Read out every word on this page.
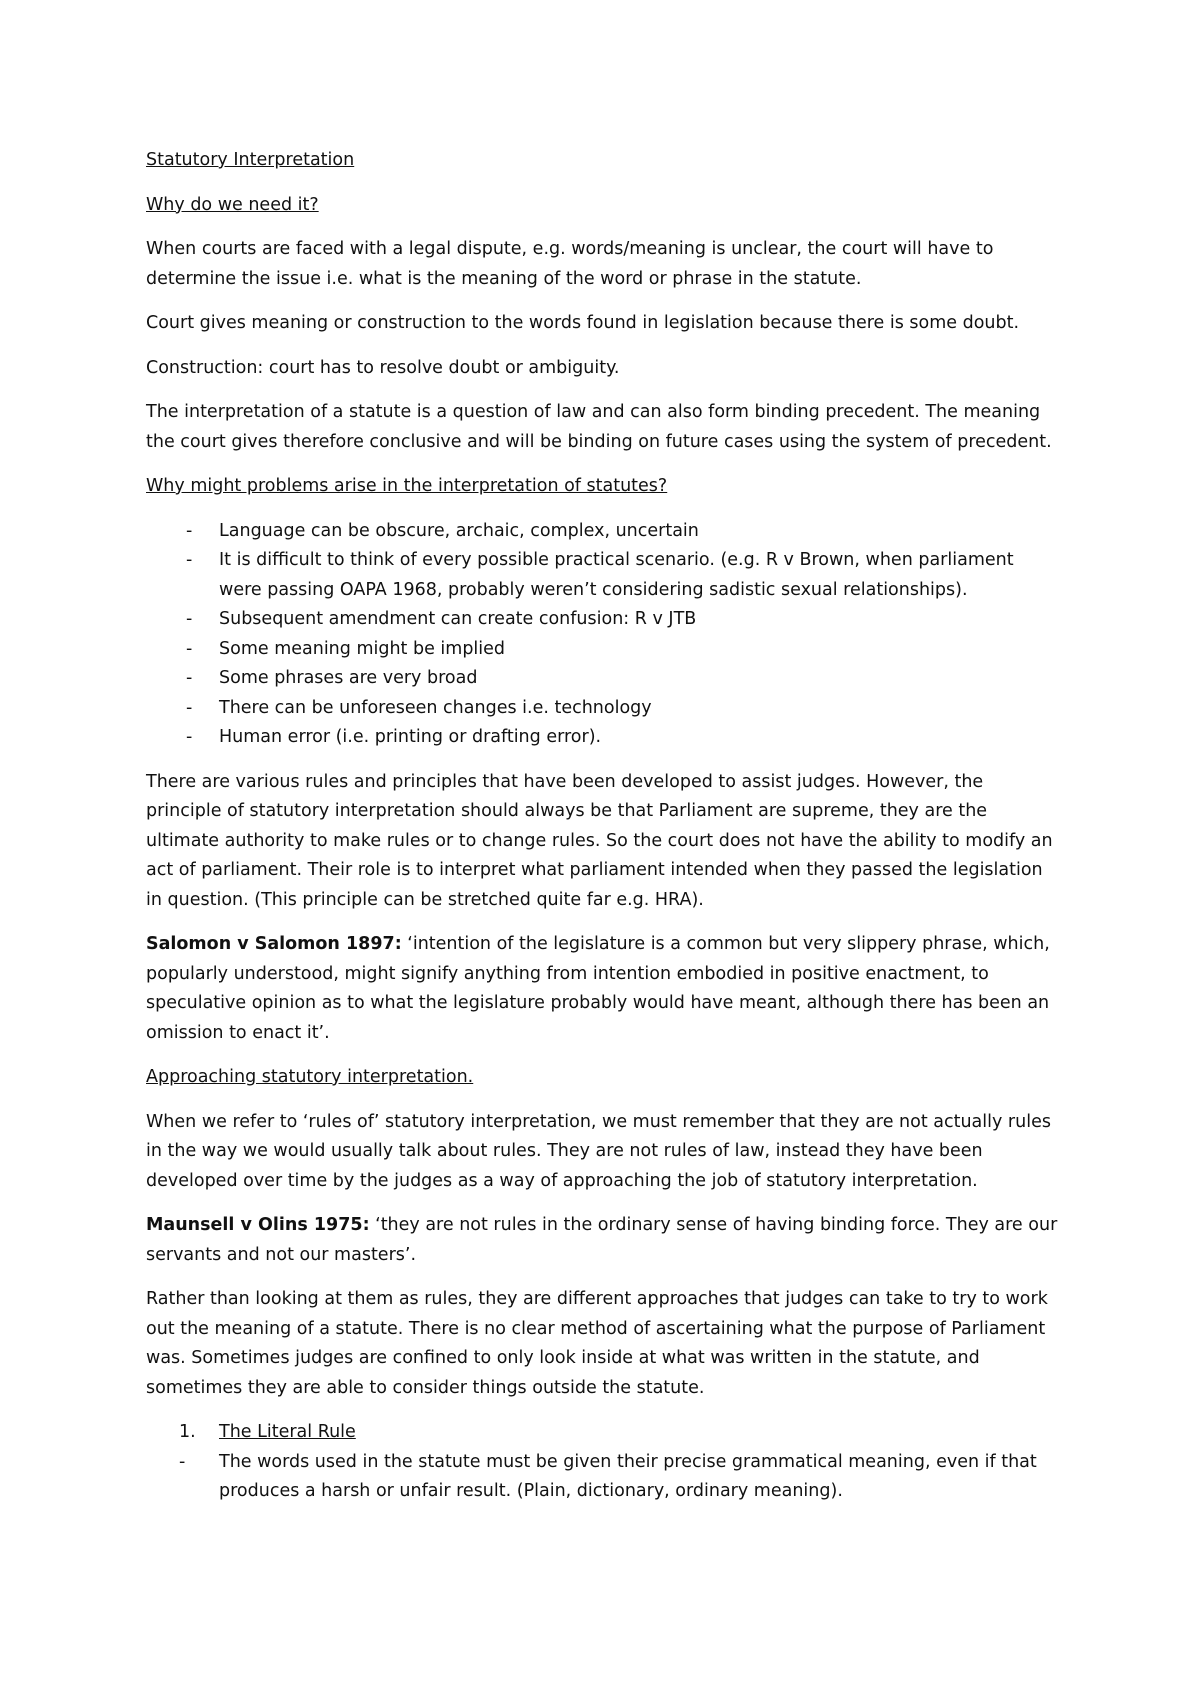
Statutory Interpretation

Why do we need it?

When courts are faced with a legal dispute, e.g. words/meaning is unclear, the court will have to determine the issue i.e. what is the meaning of the word or phrase in the statute.

Court gives meaning or construction to the words found in legislation because there is some doubt.

Construction: court has to resolve doubt or ambiguity.

The interpretation of a statute is a question of law and can also form binding precedent. The meaning the court gives therefore conclusive and will be binding on future cases using the system of precedent.

Why might problems arise in the interpretation of statutes?

- Language can be obscure, archaic, complex, uncertain
- It is difficult to think of every possible practical scenario. (e.g. R v Brown, when parliament were passing OAPA 1968, probably weren’t considering sadistic sexual relationships).
- Subsequent amendment can create confusion: R v JTB
- Some meaning might be implied
- Some phrases are very broad
- There can be unforeseen changes i.e. technology
- Human error (i.e. printing or drafting error).

There are various rules and principles that have been developed to assist judges. However, the principle of statutory interpretation should always be that Parliament are supreme, they are the ultimate authority to make rules or to change rules. So the court does not have the ability to modify an act of parliament. Their role is to interpret what parliament intended when they passed the legislation in question. (This principle can be stretched quite far e.g. HRA).

Salomon v Salomon 1897: ‘intention of the legislature is a common but very slippery phrase, which, popularly understood, might signify anything from intention embodied in positive enactment, to speculative opinion as to what the legislature probably would have meant, although there has been an omission to enact it’.

Approaching statutory interpretation.

When we refer to ‘rules of’ statutory interpretation, we must remember that they are not actually rules in the way we would usually talk about rules. They are not rules of law, instead they have been developed over time by the judges as a way of approaching the job of statutory interpretation.

Maunsell v Olins 1975: ‘they are not rules in the ordinary sense of having binding force. They are our servants and not our masters’.

Rather than looking at them as rules, they are different approaches that judges can take to try to work out the meaning of a statute. There is no clear method of ascertaining what the purpose of Parliament was. Sometimes judges are confined to only look inside at what was written in the statute, and sometimes they are able to consider things outside the statute.

1. The Literal Rule
- The words used in the statute must be given their precise grammatical meaning, even if that produces a harsh or unfair result. (Plain, dictionary, ordinary meaning).
